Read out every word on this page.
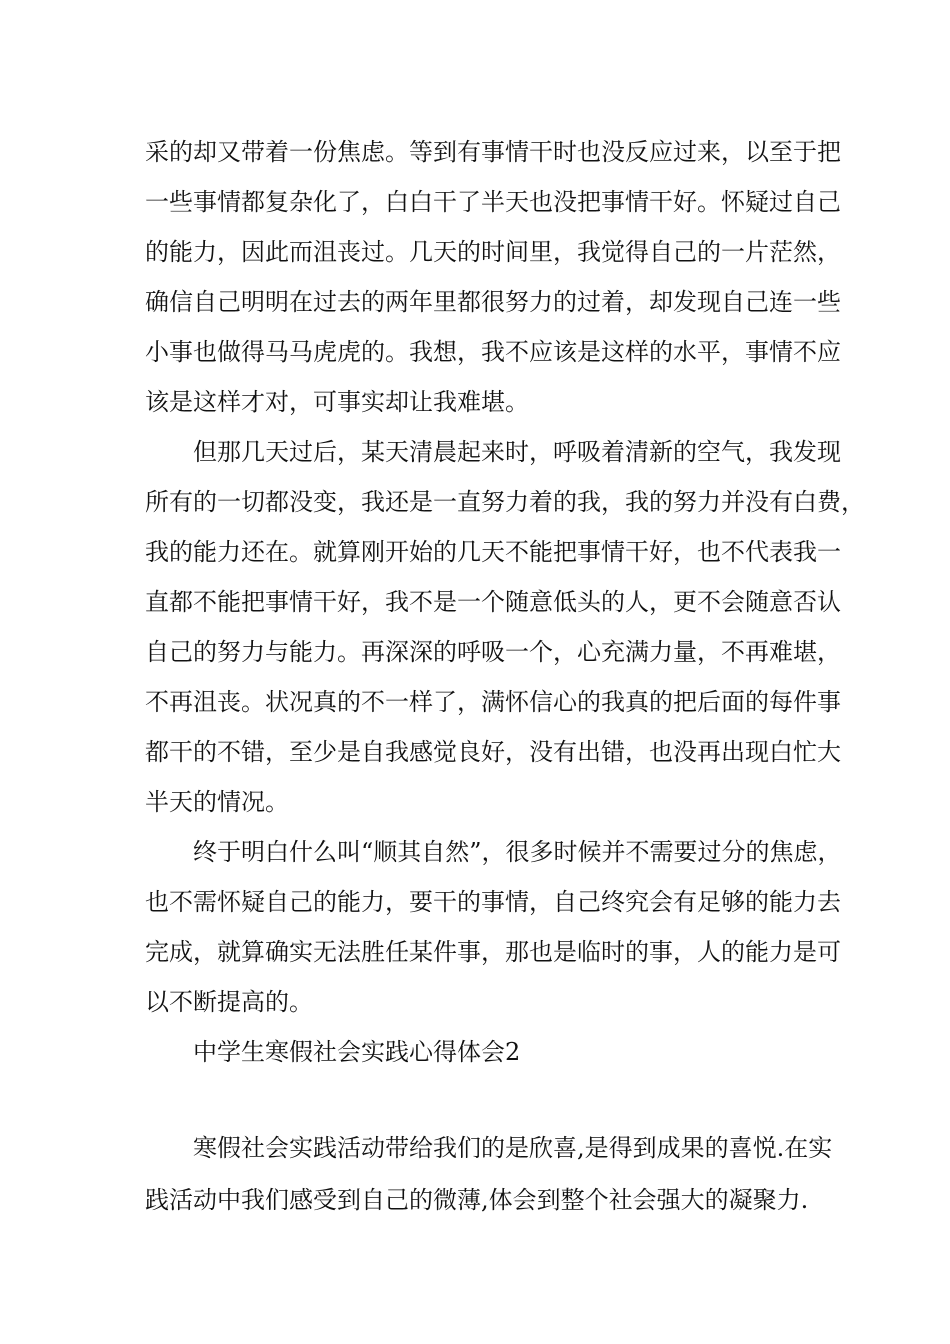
采的却又带着一份焦虑。等到有事情干时也没反应过来，以至于把
一些事情都复杂化了，白白干了半天也没把事情干好。怀疑过自己
的能力，因此而沮丧过。几天的时间里，我觉得自己的一片茫然，
确信自己明明在过去的两年里都很努力的过着，却发现自己连一些
小事也做得马马虎虎的。我想，我不应该是这样的水平，事情不应
该是这样才对，可事实却让我难堪。
但那几天过后，某天清晨起来时，呼吸着清新的空气，我发现
所有的一切都没变，我还是一直努力着的我，我的努力并没有白费，
我的能力还在。就算刚开始的几天不能把事情干好，也不代表我一
直都不能把事情干好，我不是一个随意低头的人，更不会随意否认
自己的努力与能力。再深深的呼吸一个，心充满力量，不再难堪，
不再沮丧。状况真的不一样了，满怀信心的我真的把后面的每件事
都干的不错，至少是自我感觉良好，没有出错，也没再出现白忙大
半天的情况。
终于明白什么叫“顺其自然”，很多时候并不需要过分的焦虑，
也不需怀疑自己的能力，要干的事情，自己终究会有足够的能力去
完成，就算确实无法胜任某件事，那也是临时的事，人的能力是可
以不断提高的。
中学生寒假社会实践心得体会2
寒假社会实践活动带给我们的是欣喜,是得到成果的喜悦.在实
践活动中我们感受到自己的微薄,体会到整个社会强大的凝聚力.
